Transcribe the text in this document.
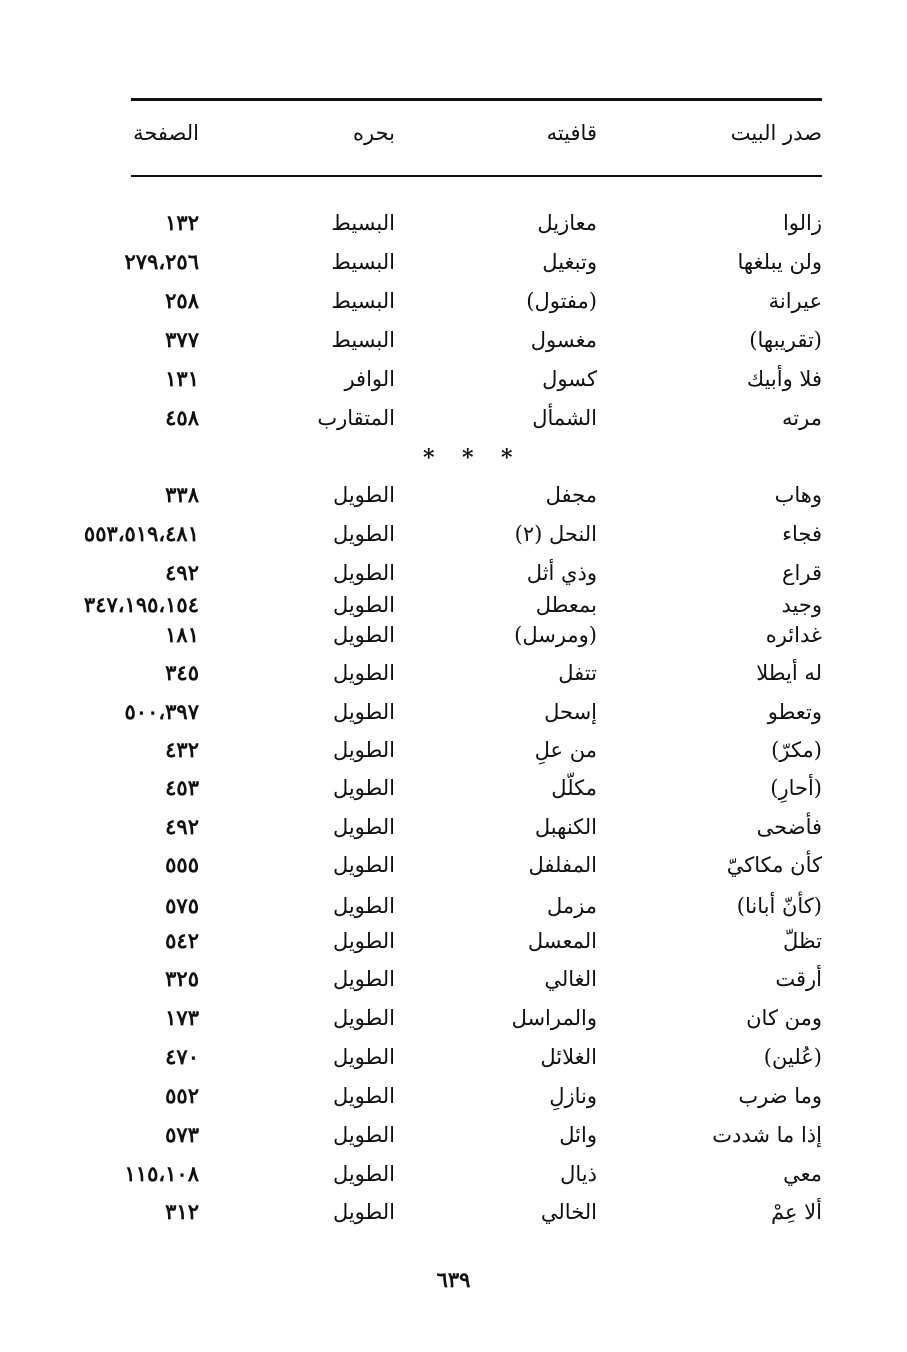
صدر البيت
قافيته
بحره
الصفحة
زالوا
معازيل
البسيط
١٣٢
ولن يبلغها
وتبغيل
البسيط
٢٧٩،٢٥٦
عيرانة
(مفتول)
البسيط
٢٥٨
(تقريبها)
مغسول
البسيط
٣٧٧
فلا وأبيك
كسول
الوافر
١٣١
مرته
الشمأل
المتقارب
٤٥٨
وهاب
مجفل
الطويل
٣٣٨
فجاء
النحل (٢)
الطويل
٥٥٣،٥١٩،٤٨١
قراع
وذي أثل
الطويل
٤٩٢
وجيد
بمعطل
الطويل
٣٤٧،١٩٥،١٥٤
غدائره
(ومرسل)
الطويل
١٨١
له أيطلا
تتفل
الطويل
٣٤٥
وتعطو
إسحل
الطويل
٥٠٠،٣٩٧
(مكرّ)
من علِ
الطويل
٤٣٢
(أحارِ)
مكلّل
الطويل
٤٥٣
فأضحى
الكنهبل
الطويل
٤٩٢
كأن مكاكيّ
المفلفل
الطويل
٥٥٥
(كأنّ أبانا)
مزمل
الطويل
٥٧٥
تظلّ
المعسل
الطويل
٥٤٢
أرقت
الغالي
الطويل
٣٢٥
ومن كان
والمراسل
الطويل
١٧٣
(عُلين)
الغلائل
الطويل
٤٧٠
وما ضرب
ونازلِ
الطويل
٥٥٢
إذا ما شددت
وائل
الطويل
٥٧٣
معي
ذيال
الطويل
١١٥،١٠٨
ألا عِمْ
الخالي
الطويل
٣١٢
* * *
٦٣٩
